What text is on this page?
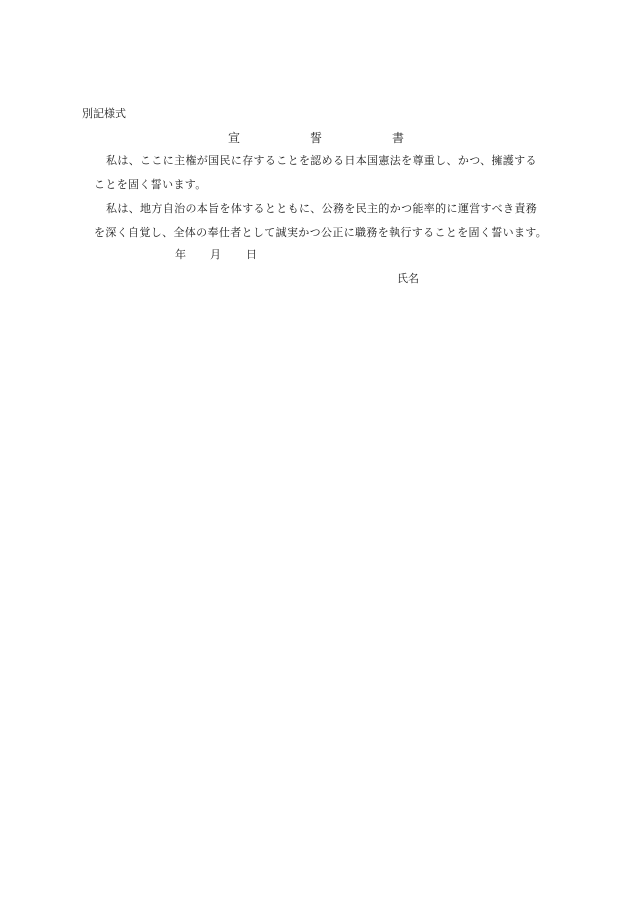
別記様式
宣	誓	書
私は、ここに主権が国民に存することを認める日本国憲法を尊重し、かつ、擁護する
ことを固く誓います。
私は、地方自治の本旨を体するとともに、公務を民主的かつ能率的に運営すべき責務
を深く自覚し、全体の奉仕者として誠実かつ公正に職務を執行することを固く誓います。
年 月 日
氏名
